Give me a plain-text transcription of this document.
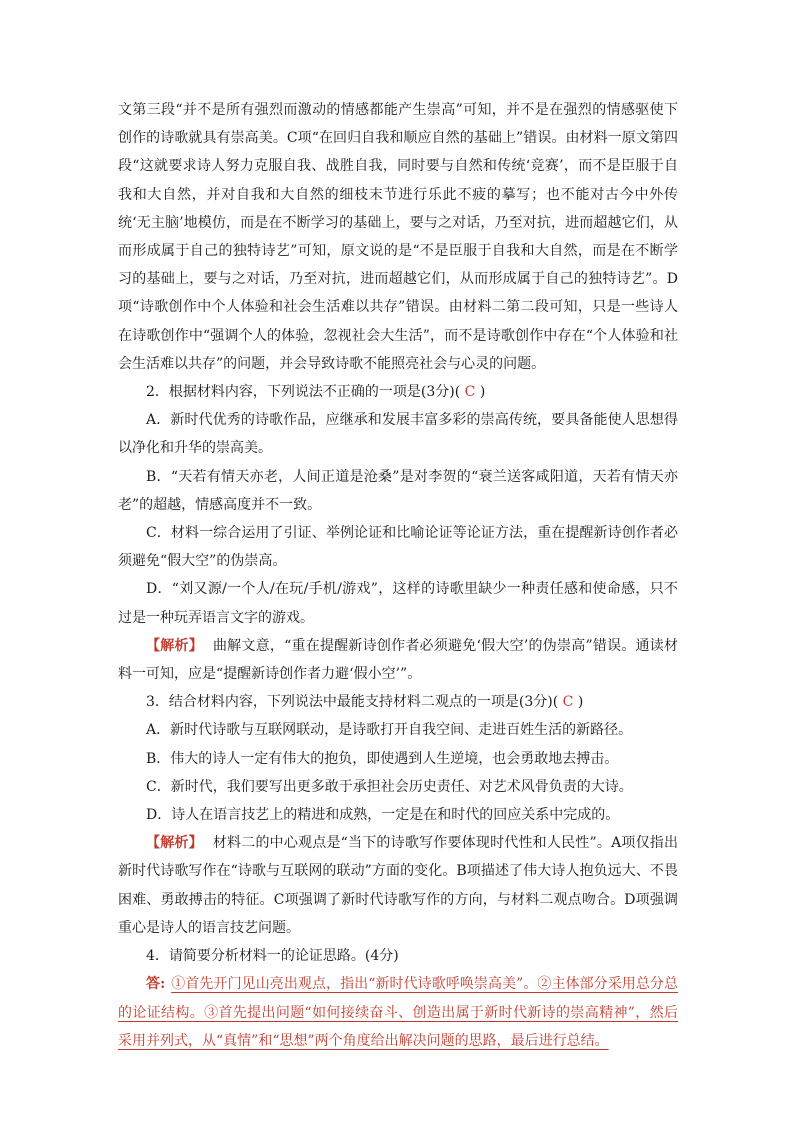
文第三段“并不是所有强烈而激动的情感都能产生崇高”可知，并不是在强烈的情感驱使下创作的诗歌就具有崇高美。C项“在回归自我和顺应自然的基础上”错误。由材料一原文第四段“这就要求诗人努力克服自我、战胜自我，同时要与自然和传统‘竞赛’，而不是臣服于自我和大自然，并对自我和大自然的细枝末节进行乐此不疲的摹写；也不能对古今中外传统‘无主脑’地模仿，而是在不断学习的基础上，要与之对话，乃至对抗，进而超越它们，从而形成属于自己的独特诗艺”可知，原文说的是“不是臣服于自我和大自然，而是在不断学习的基础上，要与之对话，乃至对抗，进而超越它们，从而形成属于自己的独特诗艺”。D项“诗歌创作中个人体验和社会生活难以共存”错误。由材料二第二段可知，只是一些诗人在诗歌创作中“强调个人的体验，忽视社会大生活”，而不是诗歌创作中存在“个人体验和社会生活难以共存”的问题，并会导致诗歌不能照亮社会与心灵的问题。

2．根据材料内容，下列说法不正确的一项是(3分)( C )

A．新时代优秀的诗歌作品，应继承和发展丰富多彩的崇高传统，要具备能使人思想得以净化和升华的崇高美。

B．“天若有情天亦老，人间正道是沧桑”是对李贺的“衰兰送客咸阳道，天若有情天亦老”的超越，情感高度并不一致。

C．材料一综合运用了引证、举例论证和比喻论证等论证方法，重在提醒新诗创作者必须避免“假大空”的伪崇高。

D．“刘又源/一个人/在玩/手机/游戏”，这样的诗歌里缺少一种责任感和使命感，只不过是一种玩弄语言文字的游戏。

【解析】 曲解文意，“重在提醒新诗创作者必须避免‘假大空’的伪崇高”错误。通读材料一可知，应是“提醒新诗创作者力避‘假小空’”。

3．结合材料内容，下列说法中最能支持材料二观点的一项是(3分)( C )

A．新时代诗歌与互联网联动，是诗歌打开自我空间、走进百姓生活的新路径。

B．伟大的诗人一定有伟大的抱负，即使遇到人生逆境，也会勇敢地去搏击。

C．新时代，我们要写出更多敢于承担社会历史责任、对艺术风骨负责的大诗。

D．诗人在语言技艺上的精进和成熟，一定是在和时代的回应关系中完成的。

【解析】 材料二的中心观点是“当下的诗歌写作要体现时代性和人民性”。A项仅指出新时代诗歌写作在“诗歌与互联网的联动”方面的变化。B项描述了伟大诗人抱负远大、不畏困难、勇敢搏击的特征。C项强调了新时代诗歌写作的方向，与材料二观点吻合。D项强调重心是诗人的语言技艺问题。

4．请简要分析材料一的论证思路。(4分)

答: ①首先开门见山亮出观点，指出“新时代诗歌呼唤崇高美”。②主体部分采用总分总的论证结构。③首先提出问题“如何接续奋斗、创造出属于新时代新诗的崇高精神”，然后采用并列式，从“真情”和“思想”两个角度给出解决问题的思路，最后进行总结。
